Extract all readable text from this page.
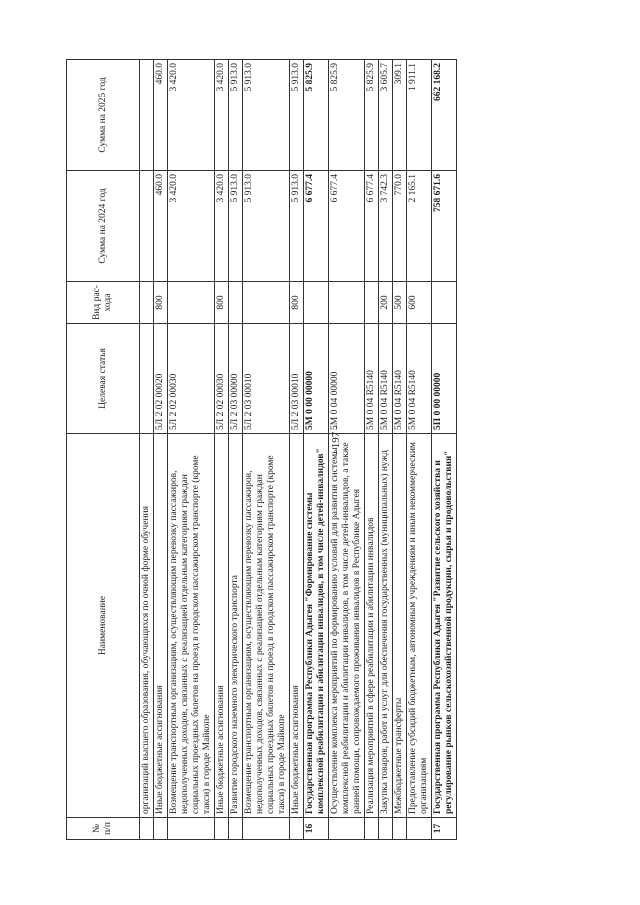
- 197 -
№ п/п	Наименование	Целевая статья	Вид рас-хода	Сумма на 2024 год	Сумма на 2025 год
	организаций высшего образования, обучающихся по очной форме обучения				
	Иные бюджетные ассигнования	5Л 2 02 00020	800	460.0	460.0
	Возмещение транспортным организациям, осуществляющим перевозку пассажиров, недополученных доходов, связанных с реализацией отдельным категориям граждан социальных проездных билетов на проезд в городском пассажирском транспорте (кроме такси) в городе Майкопе	5Л 2 02 00030		3 420.0	3 420.0
	Иные бюджетные ассигнования	5Л 2 02 00030	800	3 420.0	3 420.0
	Развитие городского наземного электрического транспорта	5Л 2 03 00000		5 913.0	5 913.0
	Возмещение транспортным организациям, осуществляющим перевозку пассажиров, недополученных доходов, связанных с реализацией отдельным категориям граждан социальных проездных билетов на проезд в городском пассажирском транспорте (кроме такси) в городе Майкопе	5Л 2 03 00010		5 913.0	5 913.0
	Иные бюджетные ассигнования	5Л 2 03 00010	800	5 913.0	5 913.0
16	Государственная программа Республики Адыгея "Формирование системы комплексной реабилитации и абилитации инвалидов, в том числе детей-инвалидов"	5М 0 00 00000		6 677.4	5 825.9
	Осуществление комплекса мероприятий по формированию условий для развития системы комплексной реабилитации и абилитации инвалидов, в том числе детей-инвалидов, а также ранней помощи, сопровождаемого проживания инвалидов в Республике Адыгея	5М 0 04 00000		6 677.4	5 825.9
	Реализация мероприятий в сфере реабилитации и абилитации инвалидов	5М 0 04 R5140		6 677.4	5 825.9
	Закупка товаров, работ и услуг для обеспечения государственных (муниципальных) нужд	5М 0 04 R5140	200	3 742.3	3 605.7
	Межбюджетные трансферты	5М 0 04 R5140	500	770.0	309.1
	Предоставление субсидий бюджетным, автономным учреждениям и иным некоммерческим организациям	5М 0 04 R5140	600	2 165.1	1 911.1
17	Государственная программа Республики Адыгея "Развитие сельского хозяйства и регулирование рынков сельскохозяйственной продукции, сырья и продовольствия"	5П 0 00 00000		758 671.6	662 168.2
